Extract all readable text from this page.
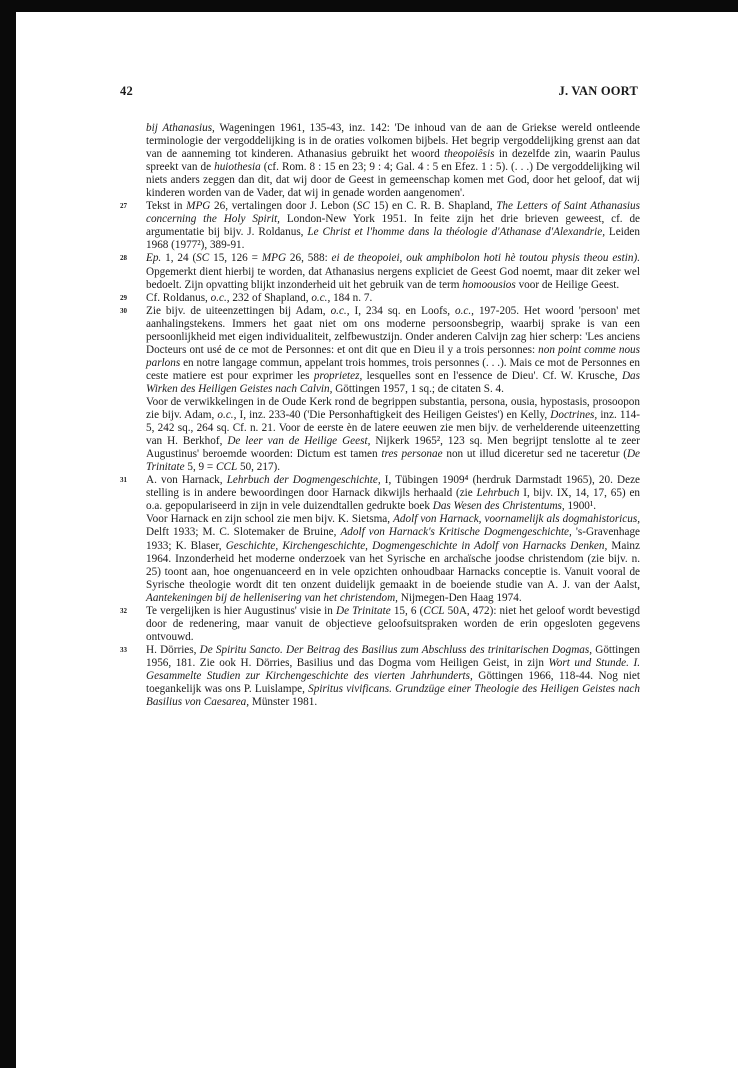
42	J. VAN OORT

bij Athanasius, Wageningen 1961, 135-43, inz. 142: 'De inhoud van de aan de Griekse wereld ontleende terminologie der vergoddelijking is in de oraties volkomen bijbels. Het begrip vergoddelijking grenst aan dat van de aanneming tot kinderen. Athanasius gebruikt het woord theopoiêsis in dezelfde zin, waarin Paulus spreekt van de huiothesia (cf. Rom. 8 : 15 en 23; 9 : 4; Gal. 4 : 5 en Efez. 1 : 5). (. . .) De vergoddelijking wil niets anders zeggen dan dit, dat wij door de Geest in gemeenschap komen met God, door het geloof, dat wij kinderen worden van de Vader, dat wij in genade worden aangenomen'.

27	Tekst in MPG 26, vertalingen door J. Lebon (SC 15) en C. R. B. Shapland, The Letters of Saint Athanasius concerning the Holy Spirit, London-New York 1951. In feite zijn het drie brieven geweest, cf. de argumentatie bij bijv. J. Roldanus, Le Christ et l'homme dans la théologie d'Athanase d'Alexandrie, Leiden 1968 (1977²), 389-91.

28	Ep. 1, 24 (SC 15, 126 = MPG 26, 588: ei de theopoiei, ouk amphibolon hoti hè toutou physis theou estin). Opgemerkt dient hierbij te worden, dat Athanasius nergens expliciet de Geest God noemt, maar dit zeker wel bedoelt. Zijn opvatting blijkt inzonderheid uit het gebruik van de term homoousios voor de Heilige Geest.

29	Cf. Roldanus, o.c., 232 of Shapland, o.c., 184 n. 7.

30	Zie bijv. de uiteenzettingen bij Adam, o.c., I, 234 sq. en Loofs, o.c., 197-205. Het woord 'persoon' met aanhalingstekens. Immers het gaat niet om ons moderne persoonsbegrip, waarbij sprake is van een persoonlijkheid met eigen individualiteit, zelfbewustzijn. Onder anderen Calvijn zag hier scherp: 'Les anciens Docteurs ont usé de ce mot de Personnes: et ont dit que en Dieu il y a trois personnes: non point comme nous parlons en notre langage commun, appelant trois hommes, trois personnes (. . .). Mais ce mot de Personnes en ceste matiere est pour exprimer les proprietez, lesquelles sont en l'essence de Dieu'. Cf. W. Krusche, Das Wirken des Heiligen Geistes nach Calvin, Göttingen 1957, 1 sq.; de citaten S. 4.

Voor de verwikkelingen in de Oude Kerk rond de begrippen substantia, persona, ousia, hypostasis, prosoopon zie bijv. Adam, o.c., I, inz. 233-40 ('Die Personhaftigkeit des Heiligen Geistes') en Kelly, Doctrines, inz. 114-5, 242 sq., 264 sq. Cf. n. 21. Voor de eerste èn de latere eeuwen zie men bijv. de verhelderende uiteenzetting van H. Berkhof, De leer van de Heilige Geest, Nijkerk 1965², 123 sq. Men begrijpt tenslotte al te zeer Augustinus' beroemde woorden: Dictum est tamen tres personae non ut illud diceretur sed ne taceretur (De Trinitate 5, 9 = CCL 50, 217).

31	A. von Harnack, Lehrbuch der Dogmengeschichte, I, Tübingen 1909⁴ (herdruk Darmstadt 1965), 20. Deze stelling is in andere bewoordingen door Harnack dikwijls herhaald (zie Lehrbuch I, bijv. IX, 14, 17, 65) en o.a. gepopulariseerd in zijn in vele duizendtallen gedrukte boek Das Wesen des Christentums, 1900¹.

Voor Harnack en zijn school zie men bijv. K. Sietsma, Adolf von Harnack, voornamelijk als dogmahistoricus, Delft 1933; M. C. Slotemaker de Bruine, Adolf von Harnack's Kritische Dogmengeschichte, 's-Gravenhage 1933; K. Blaser, Geschichte, Kirchengeschichte, Dogmengeschichte in Adolf von Harnacks Denken, Mainz 1964. Inzonderheid het moderne onderzoek van het Syrische en archaïsche joodse christendom (zie bijv. n. 25) toont aan, hoe ongenuanceerd en in vele opzichten onhoudbaar Harnacks conceptie is. Vanuit vooral de Syrische theologie wordt dit ten onzent duidelijk gemaakt in de boeiende studie van A. J. van der Aalst, Aantekeningen bij de hellenisering van het christendom, Nijmegen-Den Haag 1974.

32	Te vergelijken is hier Augustinus' visie in De Trinitate 15, 6 (CCL 50A, 472): niet het geloof wordt bevestigd door de redenering, maar vanuit de objectieve geloofsuitspraken worden de erin opgesloten gegevens ontvouwd.

33	H. Dörries, De Spiritu Sancto. Der Beitrag des Basilius zum Abschluss des trinitarischen Dogmas, Göttingen 1956, 181. Zie ook H. Dörries, Basilius und das Dogma vom Heiligen Geist, in zijn Wort und Stunde. I. Gesammelte Studien zur Kirchengeschichte des vierten Jahrhunderts, Göttingen 1966, 118-44. Nog niet toegankelijk was ons P. Luislampe, Spiritus vivificans. Grundzüge einer Theologie des Heiligen Geistes nach Basilius von Caesarea, Münster 1981.
